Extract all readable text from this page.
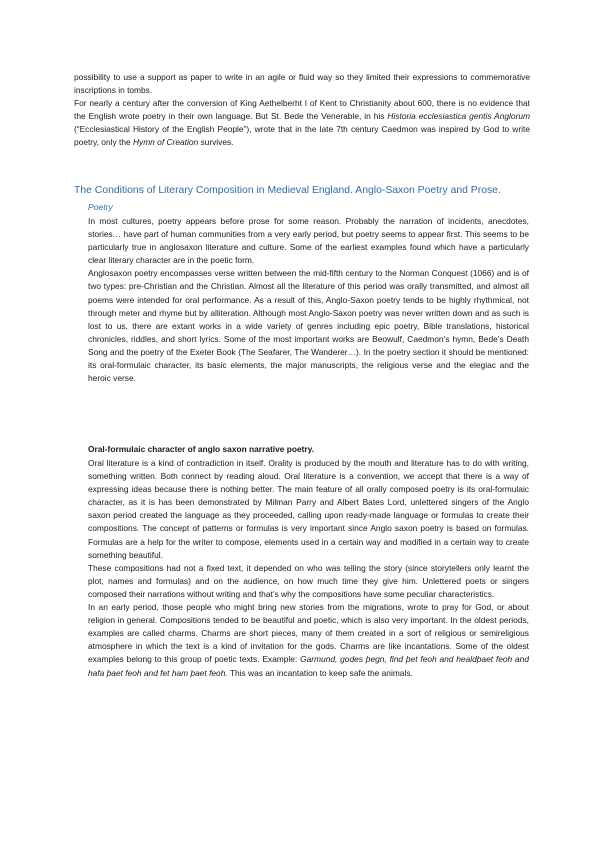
possibility to use a support as paper to write in an agile or fluid way so they limited their expressions to commemorative inscriptions in tombs.

For nearly a century after the conversion of King Aethelberht I of Kent to Christianity about 600, there is no evidence that the English wrote poetry in their own language. But St. Bede the Venerable, in his Historia ecclesiastica gentis Anglorum (“Ecclesiastical History of the English People”), wrote that in the late 7th century Caedmon was inspired by God to write poetry, only the Hymn of Creation survives.

The Conditions of Literary Composition in Medieval England. Anglo-Saxon Poetry and Prose.
Poetry

In most cultures, poetry appears before prose for some reason. Probably the narration of incidents, anecdotes, stories… have part of human communities from a very early period, but poetry seems to appear first. This seems to be particularly true in anglosaxon literature and culture. Some of the earliest examples found which have a particularly clear literary character are in the poetic form.

Anglosaxon poetry encompasses verse written between the mid-fifth century to the Norman Conquest (1066) and is of two types: pre-Christian and the Christian. Almost all the literature of this period was orally transmitted, and almost all poems were intended for oral performance. As a result of this, Anglo-Saxon poetry tends to be highly rhythmical, not through meter and rhyme but by alliteration. Although most Anglo-Saxon poetry was never written down and as such is lost to us, there are extant works in a wide variety of genres including epic poetry, Bible translations, historical chronicles, riddles, and short lyrics. Some of the most important works are Beowulf, Caedmon’s hymn, Bede’s Death Song and the poetry of the Exeter Book (The Seafarer, The Wanderer…). In the poetry section it should be mentioned: its oral-formulaic character, its basic elements, the major manuscripts, the religious verse and the elegiac and the heroic verse.

Oral-formulaic character of anglo saxon narrative poetry.

Oral literature is a kind of contradiction in itself. Orality is produced by the mouth and literature has to do with writing, something written. Both connect by reading aloud. Oral literature is a convention, we accept that there is a way of expressing ideas because there is nothing better. The main feature of all orally composed poetry is its oral-formulaic character, as it is has been demonstrated by Milman Parry and Albert Bates Lord, unlettered singers of the Anglo saxon period created the language as they proceeded, calling upon ready-made language or formulas to create their compositions. The concept of patterns or formulas is very important since Anglo saxon poetry is based on formulas. Formulas are a help for the writer to compose, elements used in a certain way and modified in a certain way to create something beautiful.

These compositions had not a fixed text, it depended on who was telling the story (since storytellers only learnt the plot, names and formulas) and on the audience, on how much time they give him. Unlettered poets or singers composed their narrations without writing and that’s why the compositions have some peculiar characteristics.

In an early period, those people who might bring new stories from the migrations, wrote to pray for God, or about religion in general. Compositions tended to be beautiful and poetic, which is also very important. In the oldest periods, examples are called charms. Charms are short pieces, many of them created in a sort of religious or semireligious atmosphere in which the text is a kind of invitation for the gods. Charms are like incantations. Some of the oldest examples belong to this group of poetic texts. Example: Garmund, godes þegn, find þet feoh and healdþaet feoh and hafa þaet feoh and fet ham þaet feoh. This was an incantation to keep safe the animals.
